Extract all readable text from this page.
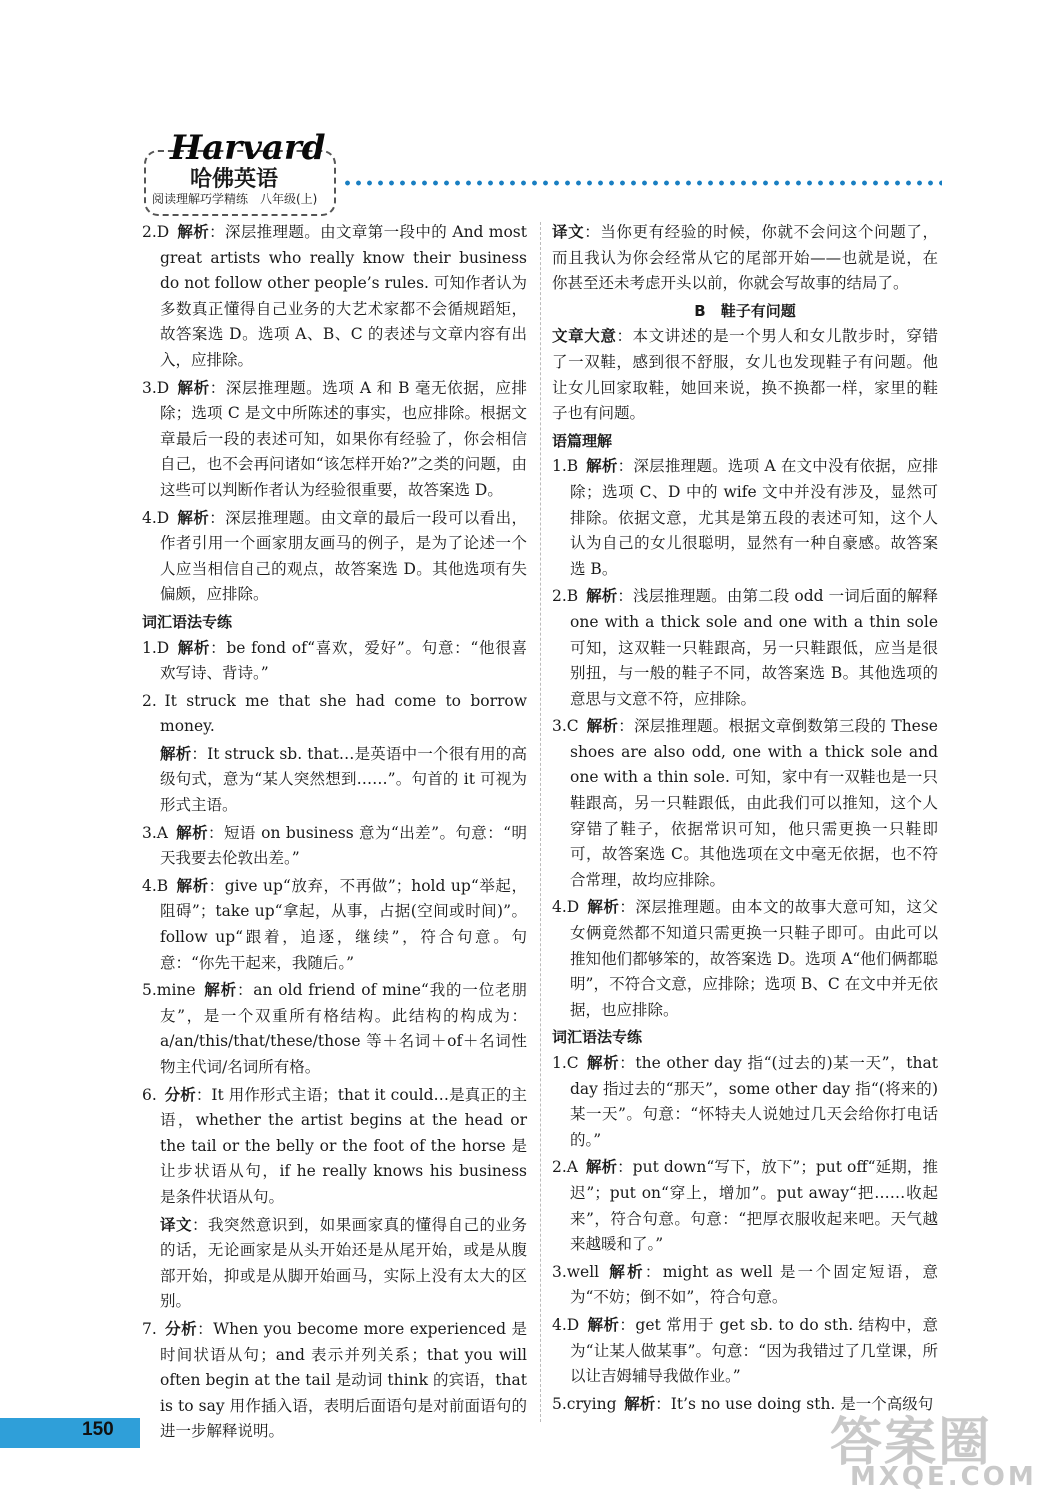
Harvard
哈佛英语
阅读理解巧学精练　八年级(上)

2.D  解析：深层推理题。由文章第一段中的 And most great artists who really know their business do not follow other people’s rules. 可知作者认为多数真正懂得自己业务的大艺术家都不会循规蹈矩，故答案选 D。选项 A、B、C 的表述与文章内容有出入，应排除。

3.D  解析：深层推理题。选项 A 和 B 毫无依据，应排除；选项 C 是文中所陈述的事实，也应排除。根据文章最后一段的表述可知，如果你有经验了，你会相信自己，也不会再问诸如“该怎样开始?”之类的问题，由这些可以判断作者认为经验很重要，故答案选 D。

4.D  解析：深层推理题。由文章的最后一段可以看出，作者引用一个画家朋友画马的例子，是为了论述一个人应当相信自己的观点，故答案选 D。其他选项有失偏颇，应排除。

词汇语法专练

1.D  解析：be fond of“喜欢，爱好”。句意：“他很喜欢写诗、背诗。”

2.  It struck me that she had come to borrow money.

解析：It struck sb. that…是英语中一个很有用的高级句式，意为“某人突然想到……”。句首的 it 可视为形式主语。

3.A  解析：短语 on business 意为“出差”。句意：“明天我要去伦敦出差。”

4.B  解析：give up“放弃，不再做”；hold up“举起，阻碍”；take up“拿起，从事，占据(空间或时间)”。follow up“跟着，追逐，继续”，符合句意。句意：“你先干起来，我随后。”

5.mine  解析：an old friend of mine“我的一位老朋友”，是一个双重所有格结构。此结构的构成为：a/an/this/that/these/those 等＋名词＋of＋名词性物主代词/名词所有格。

6.  分析：It 用作形式主语；that it could…是真正的主语，whether the artist begins at the head or the tail or the belly or the foot of the horse 是让步状语从句，if he really knows his business 是条件状语从句。

译文：我突然意识到，如果画家真的懂得自己的业务的话，无论画家是从头开始还是从尾开始，或是从腹部开始，抑或是从脚开始画马，实际上没有太大的区别。

7.  分析：When you become more experienced 是时间状语从句；and 表示并列关系；that you will often begin at the tail 是动词 think 的宾语，that is to say 用作插入语，表明后面语句是对前面语句的进一步解释说明。

译文：当你更有经验的时候，你就不会问这个问题了，而且我认为你会经常从它的尾部开始——也就是说，在你甚至还未考虑开头以前，你就会写故事的结局了。

B　鞋子有问题

文章大意：本文讲述的是一个男人和女儿散步时，穿错了一双鞋，感到很不舒服，女儿也发现鞋子有问题。他让女儿回家取鞋，她回来说，换不换都一样，家里的鞋子也有问题。

语篇理解

1.B  解析：深层推理题。选项 A 在文中没有依据，应排除；选项 C、D 中的 wife 文中并没有涉及，显然可排除。依据文意，尤其是第五段的表述可知，这个人认为自己的女儿很聪明，显然有一种自豪感。故答案选 B。

2.B  解析：浅层推理题。由第二段 odd 一词后面的解释 one with a thick sole and one with a thin sole 可知，这双鞋一只鞋跟高，另一只鞋跟低，应当是很别扭，与一般的鞋子不同，故答案选 B。其他选项的意思与文意不符，应排除。

3.C  解析：深层推理题。根据文章倒数第三段的 These shoes are also odd, one with a thick sole and one with a thin sole. 可知，家中有一双鞋也是一只鞋跟高，另一只鞋跟低，由此我们可以推知，这个人穿错了鞋子，依据常识可知，他只需更换一只鞋即可，故答案选 C。其他选项在文中毫无依据，也不符合常理，故均应排除。

4.D  解析：深层推理题。由本文的故事大意可知，这父女俩竟然都不知道只需更换一只鞋子即可。由此可以推知他们都够笨的，故答案选 D。选项 A“他们俩都聪明”，不符合文意，应排除；选项 B、C 在文中并无依据，也应排除。

词汇语法专练

1.C  解析：the other day 指“(过去的)某一天”，that day 指过去的“那天”，some other day 指“(将来的)某一天”。句意：“怀特夫人说她过几天会给你打电话的。”

2.A  解析：put down“写下，放下”；put off“延期，推迟”；put on“穿上，增加”。put away“把……收起来”，符合句意。句意：“把厚衣服收起来吧。天气越来越暖和了。”

3.well  解析：might as well 是一个固定短语，意为“不妨；倒不如”，符合句意。

4.D  解析：get 常用于 get sb. to do sth. 结构中，意为“让某人做某事”。句意：“因为我错过了几堂课，所以让吉姆辅导我做作业。”

5.crying  解析：It’s no use doing sth. 是一个高级句

150	答案圈
MXQE.COM
